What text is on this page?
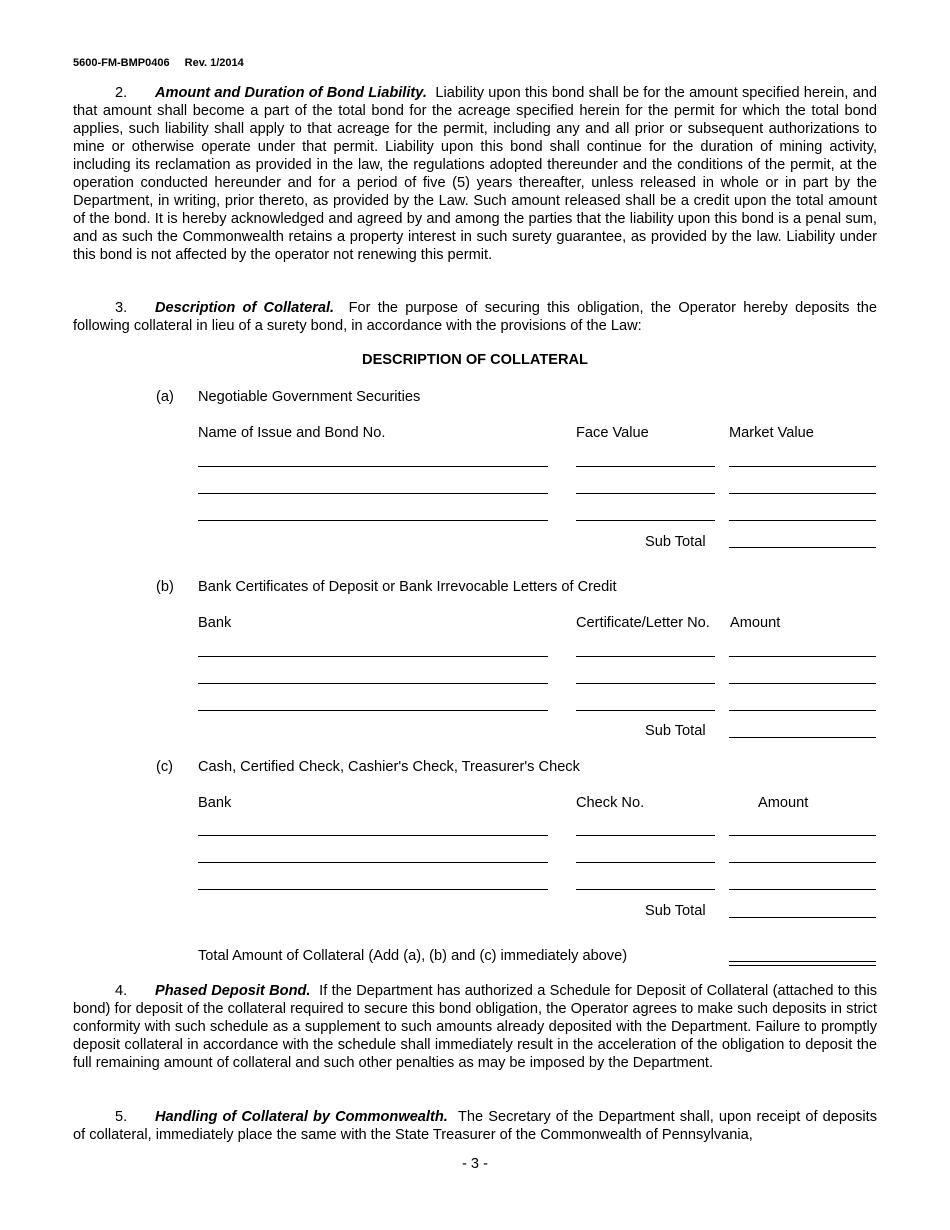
5600-FM-BMP0406 Rev. 1/2014
2. Amount and Duration of Bond Liability. Liability upon this bond shall be for the amount specified herein, and that amount shall become a part of the total bond for the acreage specified herein for the permit for which the total bond applies, such liability shall apply to that acreage for the permit, including any and all prior or subsequent authorizations to mine or otherwise operate under that permit. Liability upon this bond shall continue for the duration of mining activity, including its reclamation as provided in the law, the regulations adopted thereunder and the conditions of the permit, at the operation conducted hereunder and for a period of five (5) years thereafter, unless released in whole or in part by the Department, in writing, prior thereto, as provided by the Law. Such amount released shall be a credit upon the total amount of the bond. It is hereby acknowledged and agreed by and among the parties that the liability upon this bond is a penal sum, and as such the Commonwealth retains a property interest in such surety guarantee, as provided by the law. Liability under this bond is not affected by the operator not renewing this permit.
3. Description of Collateral. For the purpose of securing this obligation, the Operator hereby deposits the following collateral in lieu of a surety bond, in accordance with the provisions of the Law:
DESCRIPTION OF COLLATERAL
(a) Negotiable Government Securities
Name of Issue and Bond No.	Face Value	Market Value
Sub Total
(b) Bank Certificates of Deposit or Bank Irrevocable Letters of Credit
Bank	Certificate/Letter No. Amount
Sub Total
(c) Cash, Certified Check, Cashier's Check, Treasurer's Check
Bank	Check No.	Amount
Sub Total
Total Amount of Collateral (Add (a), (b) and (c) immediately above)
4. Phased Deposit Bond. If the Department has authorized a Schedule for Deposit of Collateral (attached to this bond) for deposit of the collateral required to secure this bond obligation, the Operator agrees to make such deposits in strict conformity with such schedule as a supplement to such amounts already deposited with the Department. Failure to promptly deposit collateral in accordance with the schedule shall immediately result in the acceleration of the obligation to deposit the full remaining amount of collateral and such other penalties as may be imposed by the Department.
5. Handling of Collateral by Commonwealth. The Secretary of the Department shall, upon receipt of deposits of collateral, immediately place the same with the State Treasurer of the Commonwealth of Pennsylvania,
- 3 -
